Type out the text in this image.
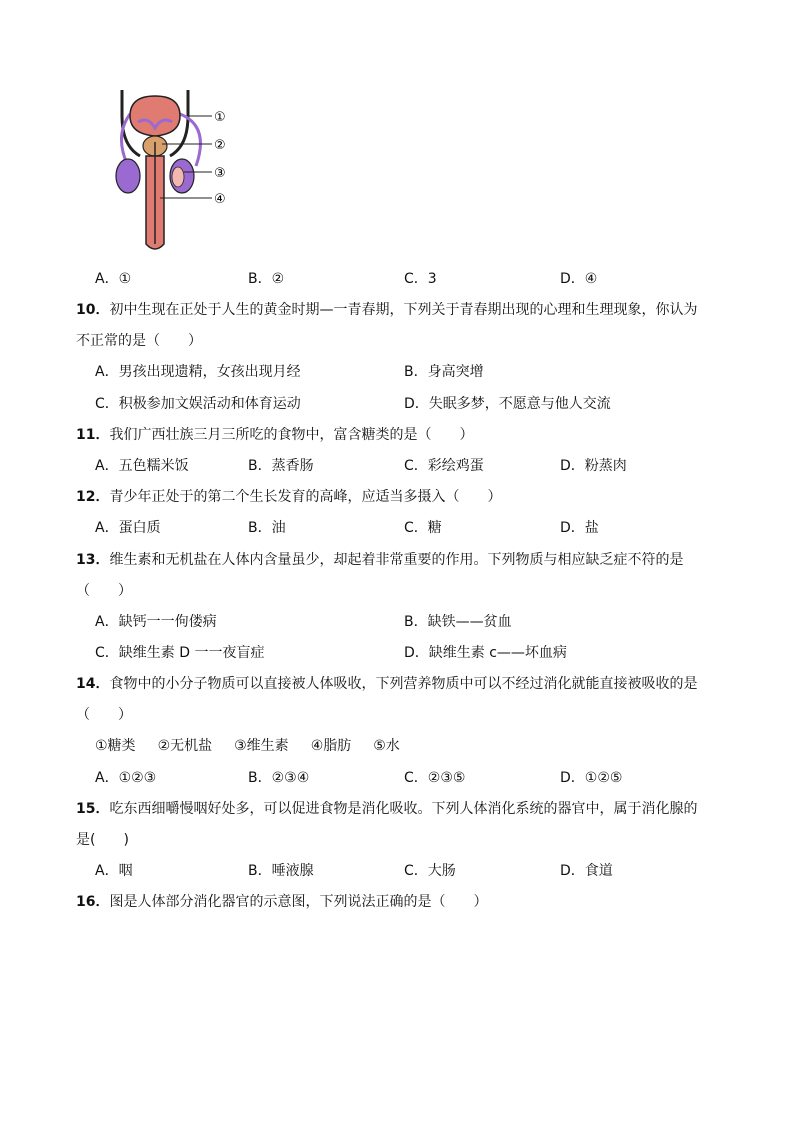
①
②
③
④
A．①	B．②	C．3	D．④
10．初中生现在正处于人生的黄金时期—一青春期，下列关于青春期出现的心理和生理现象，你认为
不正常的是（　　）
A．男孩出现遗精，女孩出现月经	B．身高突增
C．积极参加文娱活动和体育运动	D．失眠多梦，不愿意与他人交流
11．我们广西壮族三月三所吃的食物中，富含糖类的是（　　）
A．五色糯米饭	B．蒸香肠	C．彩绘鸡蛋	D．粉蒸肉
12．青少年正处于的第二个生长发育的高峰，应适当多摄入（　　）
A．蛋白质	B．油	C．糖	D．盐
13．维生素和无机盐在人体内含量虽少，却起着非常重要的作用。下列物质与相应缺乏症不符的是
（　　）
A．缺钙一一佝偻病	B．缺铁——贫血
C．缺维生素 D 一一夜盲症	D．缺维生素 c——坏血病
14．食物中的小分子物质可以直接被人体吸收，下列营养物质中可以不经过消化就能直接被吸收的是
（　　）
①糖类 ②无机盐 ③维生素 ④脂肪 ⑤水
A．①②③	B．②③④	C．②③⑤	D．①②⑤
15．吃东西细嚼慢咽好处多，可以促进食物是消化吸收。下列人体消化系统的器官中，属于消化腺的
是(　　)
A．咽	B．唾液腺	C．大肠	D．食道
16．图是人体部分消化器官的示意图，下列说法正确的是（　　）
